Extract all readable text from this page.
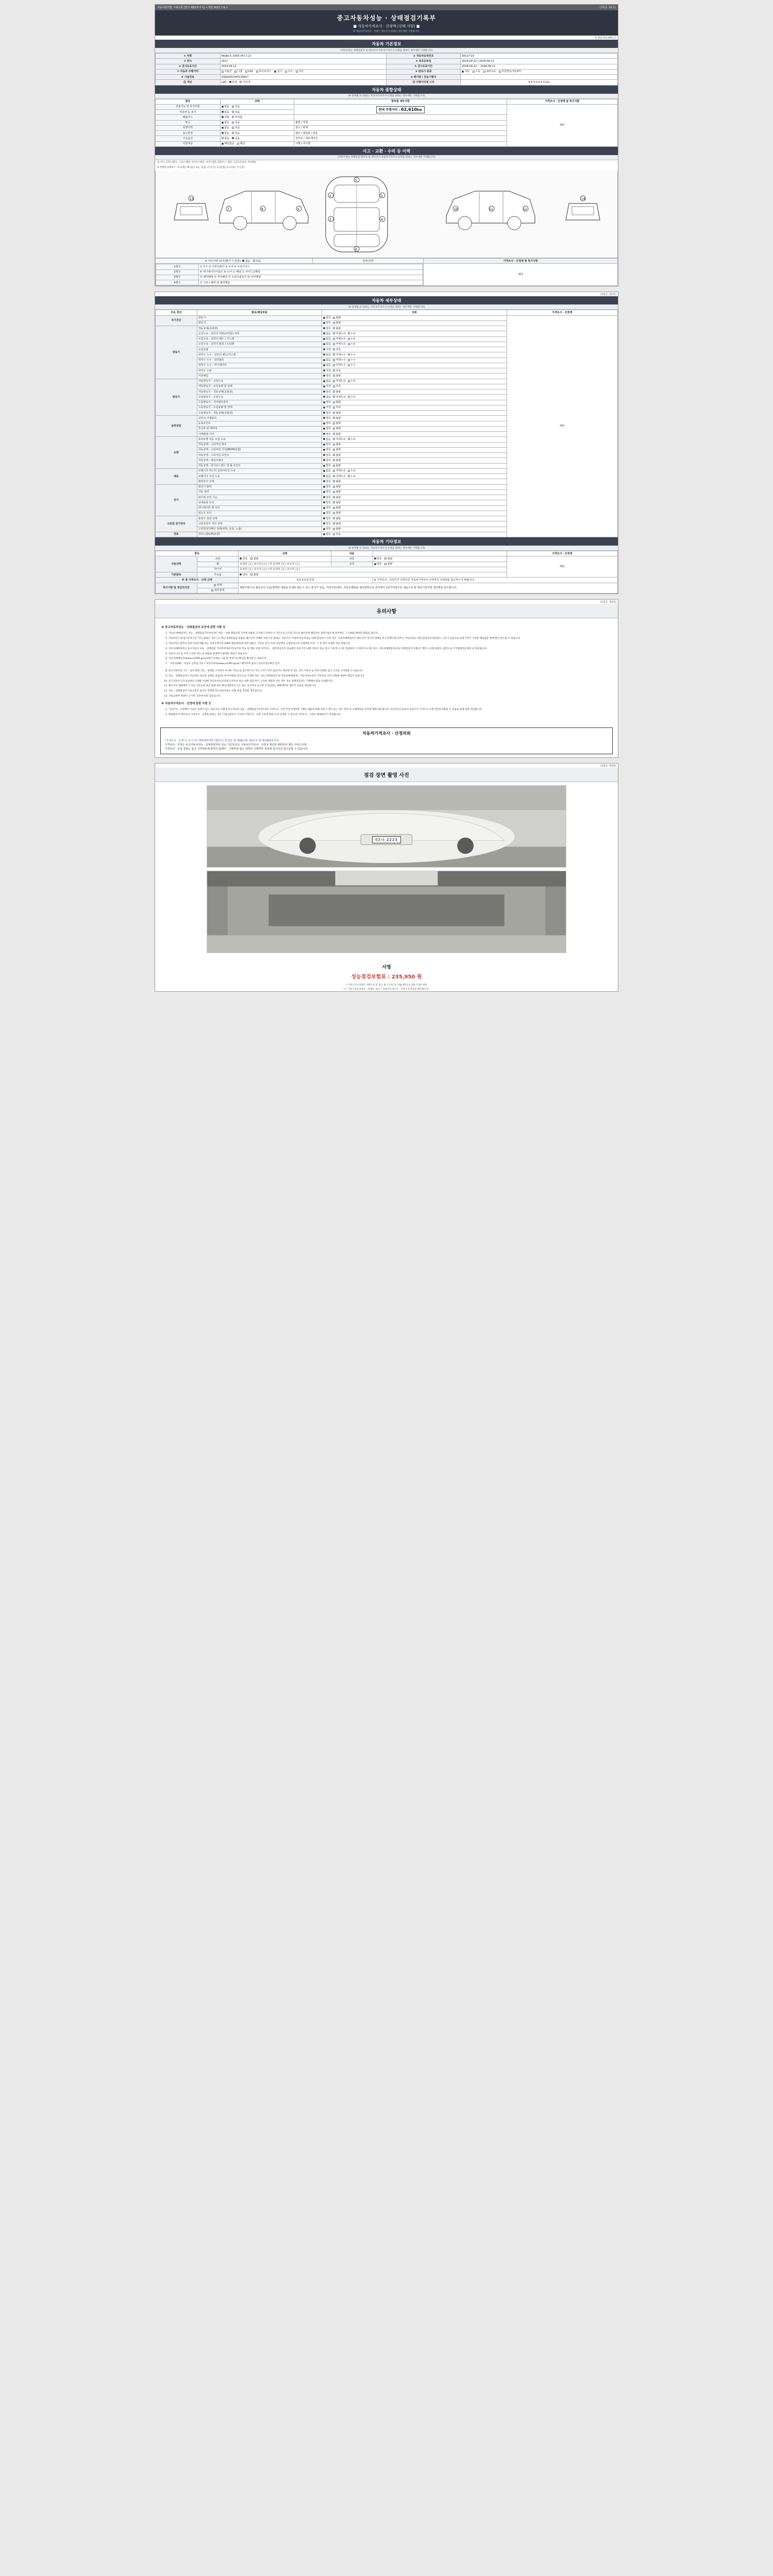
자동차관리법 시행규칙 [별지 제82호서식] <개정 2021.7.8.>	(3쪽중 제1쪽)
중고자동차성능 · 상태점검기록부
■ 자동차가격조사 · 산정액 (선택 사항) ■
※ 자동차가격조사 · 산정은 매수인이 원하는 경우에만 기재합니다.
제 2021513401호
자동차 기본정보
(자동차성능·상태점검자 및 매수인이 자동차가격조사·산정을 원하는 경우에만 기재합니다)
① 차명	Model S 100D (4인승급)	② 자동차등록번호	20Ca가23
③ 연식	2017	④ 최초등록일	2018-09-12 / 2026-09-11
⑤ 검사유효기간	2019-09-12	⑥ 검사유효기간	2018-09-12 ~ 2026-09-11
⑦ 자동차 주행거리	가솔린 디젤 LPG 하이브리드 전기 수소 기타	⑧ 변속기 종류	자동 수동 세미오토 무단변속기(CVT)
⑨ 사용연료	5YJSA1E22HF233817	⑩ 배기량 / 원동기형식	
⑪ 색상	LZO 원색 기타색	⑫ 주행거리계 수치	0 0 0 0 0 0 0 km
자동차 종합상태
(※ 항목별 표기(O)는 자동차가격조사·산정을 원하는 경우에만 기재합니다)
항목	상태	항목별 세부사항	가격조사 · 산정액 및 특기사항
전용기능 및 특기사항	없음 있음	현재 주행거리 : 62,610km	해당
자동차 등 조기	없음 있음		
배출가스	적합 부적합		
튜닝	없음 있음	불법 / 적법	
특별이력	없음 있음	침수 / 화재	
용도변경	없음 있음	렌트 / 영업용 / 관용	
주요옵션	없음 있음	썬루프 / 내비게이션	
리콜대상	해당없음 해당	이행 / 미이행	
사고 · 교환 · 수리 등 이력
(자동차성능·상태점검 확인자 및 매수인이 자동차가격조사·산정을 원하는 경우에만 기재합니다)
※ (주요 골격) 1랭크 : 크로스멤버, 인사이드패널, 사이드멤버, 휠하우스, 패널, 트렁크플로어, 리어패널
※ 부위별 상태표시 : X (교환), W (판금 또는 용접), C (부식), A (흠집), U (요철), T (손상)
1	2
3	4
5
6
7	8	9	10	11	12
13	14
※ 사고이력 (조사/평가 시 입장) 없음 있음	단위:만원	가격조사 · 산정액 및 특기사항

1랭크	① 후드 ② 프론트펜더 ③ 도어 ④ 트렁크리드
2랭크	⑤ 라디에이터서포트 ⑩ 도어 ⑪ 패널 ⑫ 사이드실패널
3랭크	⑬ 쿼터패널 ⑭ 루프패널 ⑮ 트렁크플로어 ⑯ 리어패널
4랭크	⑰ 크로스멤버 ⑱ 필러패널
	해당
(3쪽중 제2쪽)
자동차 세부상태
(※ 항목별 표기(O)는 자동차가격조사·산정을 원하는 경우에만 기재합니다)
주요 장치	항목/해당부품	상태	가격조사 · 산정액
자기진단	원동기	양호 불량	해당
	변속기	양호 불량	
원동기	작동상태(공회전)	양호 불량	
	오일누유 - 실린더 커버(로커암) 커버	없음 미세누유 누유	
	오일누유 - 실린더 헤드 / 가스켓	없음 미세누유 누유	
	오일누유 - 실린더 블록 / 오일팬	없음 미세누유 누유	
	오일유량	적정 부족	
	냉각수 누수 - 실린더 헤드/가스켓	없음 미세누수 누수	
	냉각수 누수 - 워터펌프	없음 미세누수 누수	
	냉각수 누수 - 라디에이터	없음 미세누수 누수	
	냉각수 수량	적정 부족	
	커먼레일	양호 불량	
변속기	자동변속기 - 오일누유	없음 미세누유 누유	
	자동변속기 - 오일유량 및 상태	적정 부족	
	자동변속기 - 작동상태(공회전)	양호 불량	
	수동변속기 - 오일누유	없음 미세누유 누유	
	수동변속기 - 기어변속장치	양호 불량	
	수동변속기 - 오일유량 및 상태	적정 부족	
	수동변속기 - 작동상태(공회전)	양호 불량	
동력전달	클러치 어셈블리	양호 불량	
	등속조인트	양호 불량	
	추진축 및 베어링	양호 불량	
	디퍼렌셜 기어	양호 불량	
조향	동력조향 작동 오일 누유	없음 미세누유 누유	
	작동상태 - 스티어링 펌프	양호 불량	
	작동상태 - 스티어링 기어(MDPS포함)	양호 불량	
	작동상태 - 스티어링 조인트	양호 불량	
	작동상태 - 파워크랭크	양호 불량	
	작동상태 - 타이로드엔드 및 볼 조인트	양호 불량	
제동	브레이크 마스터 실린더오일 누유	없음 미세누유 누유	
	브레이크 오일 누유	없음 미세누유 누유	
	배력장치 상태	양호 불량	
전기	발전기 출력	양호 불량	
	시동 모터	양호 불량	
	와이퍼 모터 기능	양호 불량	
	실내송풍 모터	양호 불량	
	라디에이터 팬 모터	양호 불량	
	윈도우 모터	양호 불량	
고전원 전기장치	충전구 절연 상태	양호 불량	
	구동축전지 격리 상태	양호 불량	
	고전원전기배선 상태(피복, 손상, 노출)	양호 불량	
연료	연료누출(LPG포함)	없음 있음	
자동차 기타정보
(※ 항목별 표기(O)는 자동차가격조사·산정을 원하는 경우에만 기재합니다)
항목		상태	내용		가격조사 · 산정액
사용상태	외장	양호 불량	내장	양호 불량	해당
	휠	운전석 □□ 조수석 □□ / 뒤 운전석 □□ 조수석 □□	유리	양호 불량	
	타이어	운전석 □□ 조수석 □□ / 뒤 운전석 □□ 조수석 □□			
기본품목	부속품	양호 불량			
※ 총 가격조사 · 산정 금액		0 0 0 0 0 만원		※ 가격조사 · 산정가격 산정기준 자동차가격조사·산정자의 의견임을 참고하시기 바랍니다.	
특기사항 및 점검자의견	상태	해당사항으로 볼트조인 모습/접착한 내용을 토대로 0을 수 있고 표기가 있음, 카히가로/내부, 프론트패널을 최하물망으로 검사에서 1장기자랑으로 세움으로 및 내견기강자랑 점검명을 검수합니다.			
	내부상태				
(3쪽중 제3쪽)
유의사항
※ 중고자동차성능 · 상태점검자 보증에 관한 사항 등
1. 자동차 매매업자는 성능 · 상태점검기록부(이하 "성능 · 상태 책임보험 가격에 내용을 고지하기 어려우나 거인으로 고지할 것으로 매수인에 책임감이 권력기술은데 중국에도 그 손해를 배상할 책임을 집니다.
2. 자동차인도일(검사유효기간 거인 및/또는 경우) 등 성능·상태점검을 내용을 매수인이 이해의 보증기간 및/또는 보증기간 이내에 자동차성능·상태 점검자가 다른 경우, 자동차매매업자가 매수인이 적시성 상태를 바르게 확인할 의무는 자동차성능·상태 점검자의 책임있는 사유가 있음으로 보증기간이 기산한 책임없을 통해 확인 받으실 수 있습니다.
3. 자동차인도일부터 보증기간(1개월 또는 보증주행거리 2000 제공하며)에 관한 내용은 기준을 검사 이내, 보증책임 근접중심으로 이행하며 이후, 그 중 권자 포내한 것을 위합니다.
4. 자동차매매업자는 중고자동차 성능 · 상태검검 기록부에 매수인이(이하 성능 및 책임 차량 이미지는 · 내부정검지자 성능확인 보증기간 내에 자동차 성능 검사 기준에 고시된 점검하여 고지하지 아니한 경우, 자동차매매업자(성능·상태검검자 포함)이 계약 고시에 의한다. 법적으로 국가법령정보센터 등 제공됩니다.
5. 자동차 인도일 이후 고지한 성능 및 내용을 관계에서 발생한 책임이 있습니다.
6. 자동차매매업자(www.car365.go.kr)에서 상세를 고용 및 정보가의 확인을 확인할 수 있습니다.
7. - 자동차365 : 자동차 금액을 공유 / 자동차정보(www.car365.go.kr) 페이지에 접속 / 자동차성능확인 검색
8. 중고자동차의 구조 · 장치 별의 성능 · 상태를 고지하지 아니한 거인으로 검사하거나 거인 고지가 되지 않았거나 제공한 바 있는 경우 자동차 등 다양 상태의 검사 고지를 고지했을 수 있습니다.
9. 성능 · 상태점검자가 자동차의 성능과 상태를 점검하는데 부적합한 방식으로 기재한 경우, 성능·상태점검자 및 자동차매매업자는 자동차성능검사 기록부로 인한 손해에 대하여 책임이 있습니다.
10. 중고자동차 인도일로부터 1개월 이내에 자동차성능검사(중고자동차 성능·상태 점검자)가 고지한 내용과 다른 경우 성능·상태점검자는 기재해야 함을 안내합니다.
11. 매수인이 매매계약 시기를 기준으로 중요 물체 취득 확인(제3자의 인도 또는 표시자의 요구한 조치/검증), 매매계약서 제공이 있음을 의미합니다.
12. 성능 · 상태점검자 국토교통부 검사가 진행한 중고자동차성능·상태 점검 결과를 제공합니다.
13. 국토교통부 장관이 고시한 기준에 따른 검증입니다.
※ 자동차가격조사 · 산정에 관한 사항 등
1. 가격조사 · 산정액이 사실이 실제가 있는 보증기의 사례에 중고자동차 성능 · 상태점검기록부(이하 가격조사 · 산정 부분 한정)에 기재된 내용에 의해 보증 소재가 있는 경우 학과 및 손해배상의 처리에 대해 제공합니다. 자동차인도일부터 보증기간 가격조사·산정기준에 적용될 수 있음을 통해 설명 취급합니다.
2. 매매업자가 매수인이 가격조사 · 산정을 원하는 경우 국토교통부가 고시한 가격조사 · 산정 기준에 따라 조사·산정할 수 있으며 가격조사 · 산정은 매매업자가 부담합니다.
자동차가격조사 · 산정의뢰
"가격조사 · 산정"은 실시기가 매매계약체결 제3조의 및 같은 법 제58조에 제3조의 제 제1003에 따라
가격조사 · 산정은 중고자동차성능 · 상태점검자의 성능 기준입니다. 자동차가격조사 · 산정 1 제공과 관련되어 제공 서비스이며,
가격조사 · 산정 결과는 참고 가격정보에 관하여 법제처 · 구매하면 없는 내역의 구매여부 결정에 참고하실 참고문할 수 있습니다.
(3쪽중 제3쪽)
점검 장면 촬영 사진
02나 2223
서명
성능점검보험료 : 235,950 원
* 가격조사산정액은 제1조의 및 같은 법 고시된 본 서류(제3조의 제1조의에 따라
[ㅈㅣ]중고자동차성능 · 상태를 검사 │ 자동차가격조사 · 산정 1 보장검을 확인합니다.
